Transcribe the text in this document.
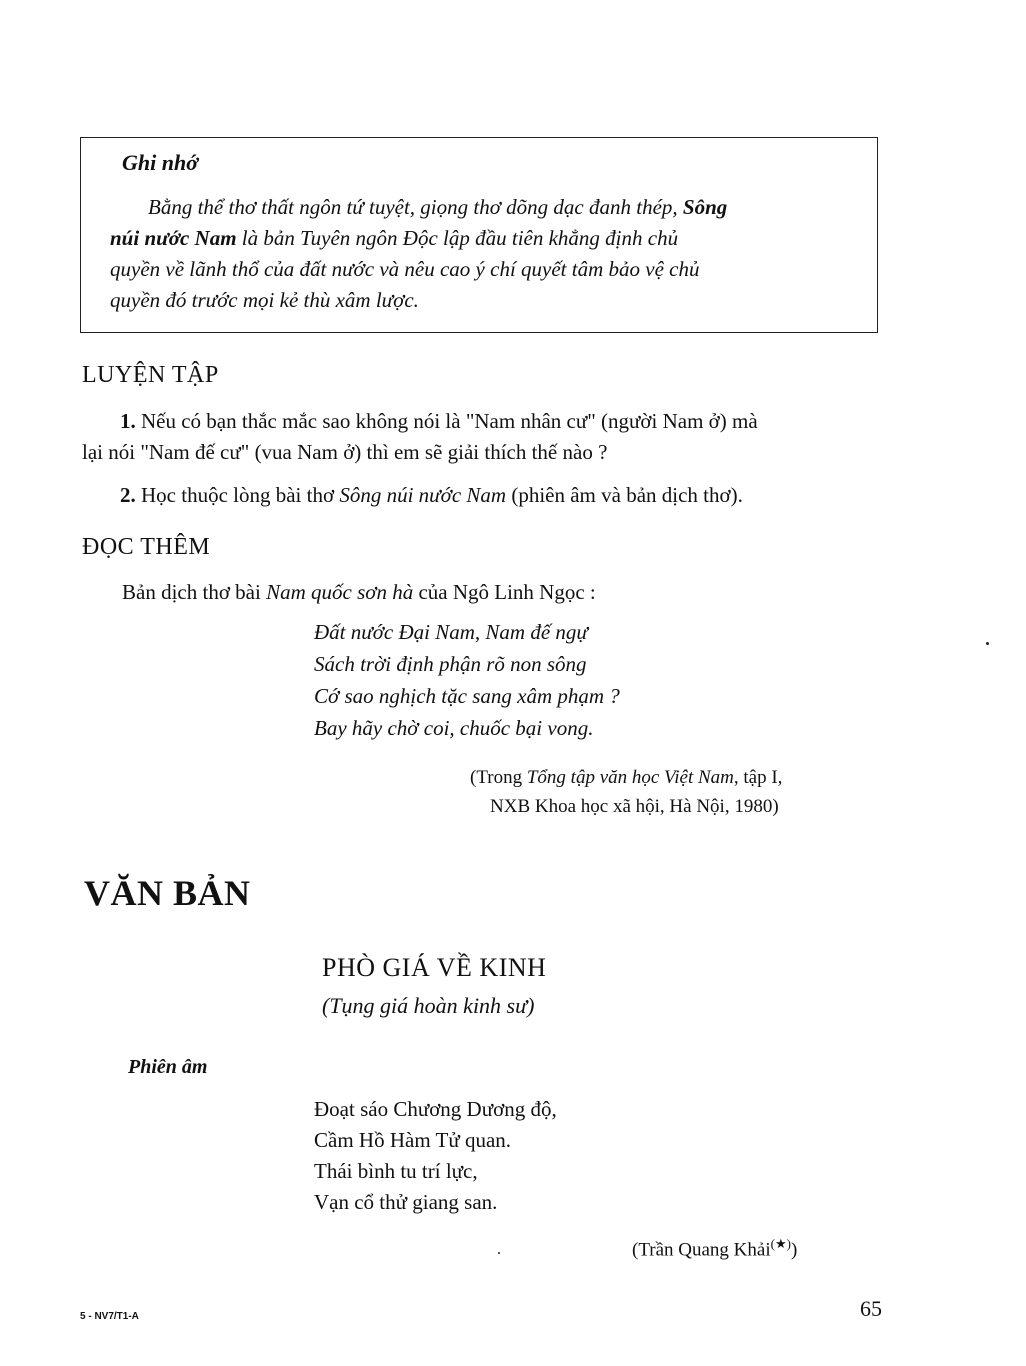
Ghi nhớ
Bằng thể thơ thất ngôn tứ tuyệt, giọng thơ dõng dạc đanh thép, Sông
núi nước Nam là bản Tuyên ngôn Độc lập đầu tiên khẳng định chủ
quyền về lãnh thổ của đất nước và nêu cao ý chí quyết tâm bảo vệ chủ
quyền đó trước mọi kẻ thù xâm lược.
LUYỆN TẬP
1. Nếu có bạn thắc mắc sao không nói là "Nam nhân cư" (người Nam ở) mà
lại nói "Nam đế cư" (vua Nam ở) thì em sẽ giải thích thế nào ?
2. Học thuộc lòng bài thơ Sông núi nước Nam (phiên âm và bản dịch thơ).
ĐỌC THÊM
Bản dịch thơ bài Nam quốc sơn hà của Ngô Linh Ngọc :
Đất nước Đại Nam, Nam đế ngự
Sách trời định phận rõ non sông
Cớ sao nghịch tặc sang xâm phạm ?
Bay hãy chờ coi, chuốc bại vong.
(Trong Tổng tập văn học Việt Nam, tập I,
NXB Khoa học xã hội, Hà Nội, 1980)
VĂN BẢN
PHÒ GIÁ VỀ KINH
(Tụng giá hoàn kinh sư)
Phiên âm
Đoạt sáo Chương Dương độ,
Cầm Hồ Hàm Tử quan.
Thái bình tu trí lực,
Vạn cổ thử giang san.
(Trần Quang Khải(★))
5 - NV7/T1-A	65
